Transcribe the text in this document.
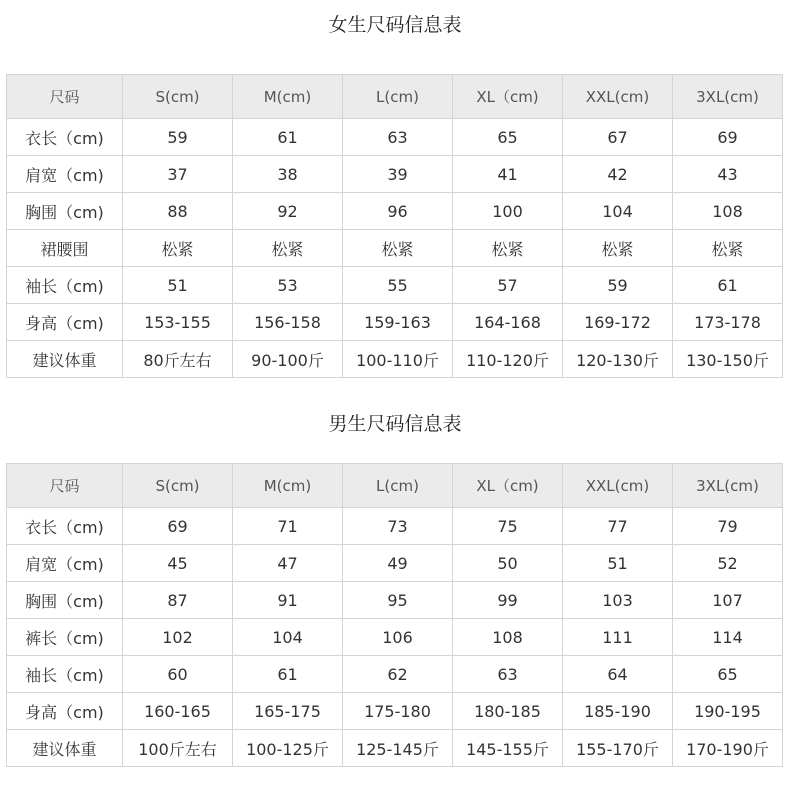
女生尺码信息表
尺码	S(cm)	M(cm)	L(cm)	XL（cm)	XXL(cm)	3XL(cm)
衣长（cm)	59	61	63	65	67	69
肩宽（cm)	37	38	39	41	42	43
胸围（cm)	88	92	96	100	104	108
裙腰围	松紧	松紧	松紧	松紧	松紧	松紧
袖长（cm)	51	53	55	57	59	61
身高（cm)	153-155	156-158	159-163	164-168	169-172	173-178
建议体重	80斤左右	90-100斤	100-110斤	110-120斤	120-130斤	130-150斤
男生尺码信息表
尺码	S(cm)	M(cm)	L(cm)	XL（cm)	XXL(cm)	3XL(cm)
衣长（cm)	69	71	73	75	77	79
肩宽（cm)	45	47	49	50	51	52
胸围（cm)	87	91	95	99	103	107
裤长（cm)	102	104	106	108	111	114
袖长（cm)	60	61	62	63	64	65
身高（cm)	160-165	165-175	175-180	180-185	185-190	190-195
建议体重	100斤左右	100-125斤	125-145斤	145-155斤	155-170斤	170-190斤
